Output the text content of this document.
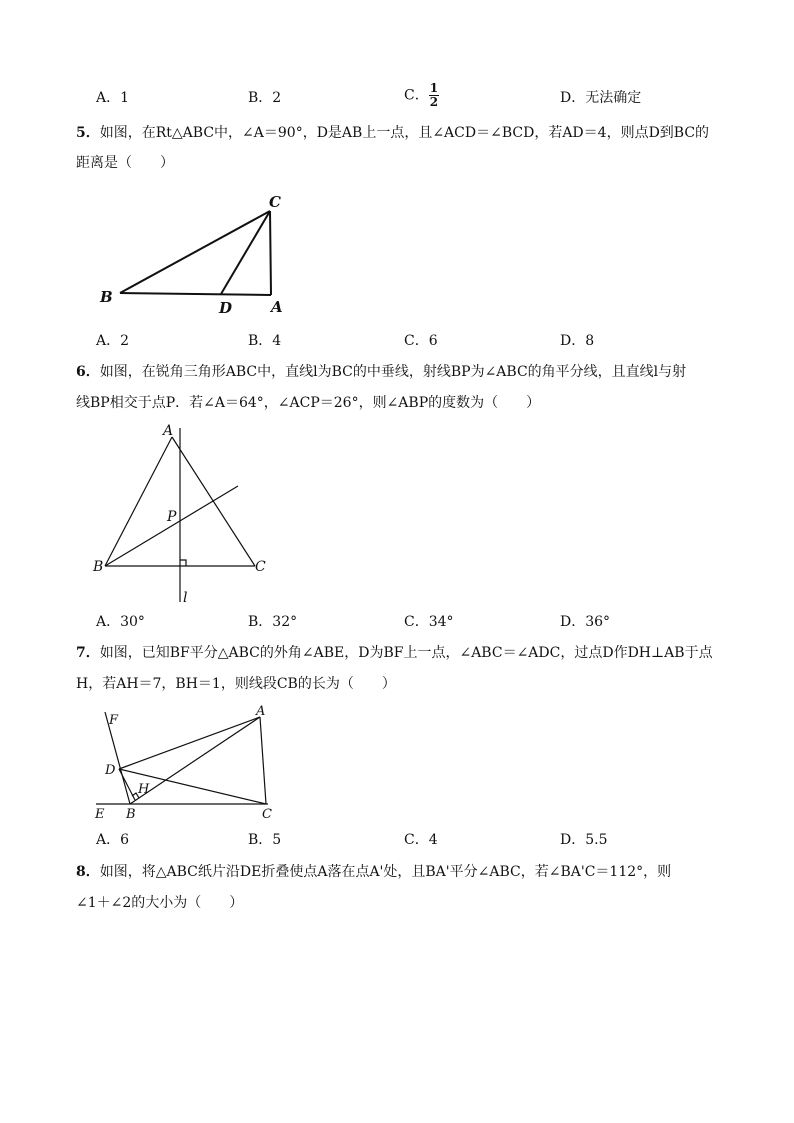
A．1	B．2	C． $\frac{1}{2}$	D．无法确定
5．如图，在Rt△ABC中，∠A＝90°，D是AB上一点，且∠ACD＝∠BCD，若AD＝4，则点D到BC的
距离是（　　）
B
C
D	A
A．2	B．4	C．6	D．8
6．如图，在锐角三角形ABC中，直线l为BC的中垂线，射线BP为∠ABC的角平分线，且直线l与射
线BP相交于点P．若∠A＝64°，∠ACP＝26°，则∠ABP的度数为（　　）
A
P
B	C
l
A．30°	B．32°	C．34°	D．36°
7．如图，已知BF平分△ABC的外角∠ABE，D为BF上一点，∠ABC＝∠ADC，过点D作DH⊥AB于点
H，若AH＝7，BH＝1，则线段CB的长为（　　）
F
A
D
H
E B	C
A．6	B．5	C．4	D．5.5
8．如图，将△ABC纸片沿DE折叠使点A落在点A'处，且BA'平分∠ABC，若∠BA'C＝112°，则
∠1＋∠2的大小为（　　）
